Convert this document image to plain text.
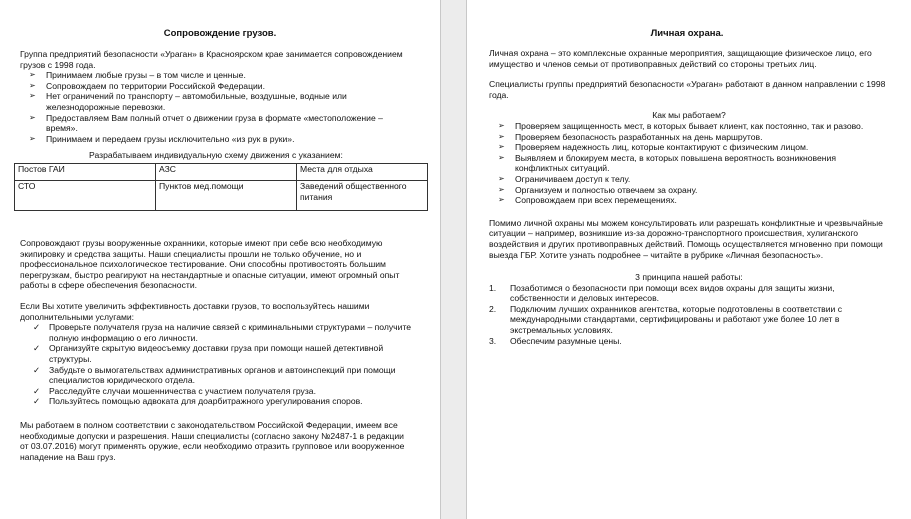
Сопровождение грузов.

Группа предприятий безопасности «Ураган» в Красноярском крае занимается сопровождением грузов с 1998 года.

➢ Принимаем любые грузы – в том числе и ценные.
➢ Сопровождаем по территории Российской Федерации.
➢ Нет ограничений по транспорту – автомобильные, воздушные, водные или железнодорожные перевозки.
➢ Предоставляем Вам полный отчет о движении груза в формате «местоположение – время».
➢ Принимаем и передаем грузы исключительно «из рук в руки».

Разрабатываем индивидуальную схему движения с указанием:

Постов ГАИ	АЗС	Места для отдыха
СТО	Пунктов мед.помощи	Заведений общественного питания

Сопровождают грузы вооруженные охранники, которые имеют при себе всю необходимую экипировку и средства защиты. Наши специалисты прошли не только обучение, но и профессиональное психологическое тестирование. Они способны противостоять большим перегрузкам, быстро реагируют на нестандартные и опасные ситуации, имеют огромный опыт работы в сфере обеспечения безопасности.

Если Вы хотите увеличить эффективность доставки грузов, то воспользуйтесь нашими дополнительными услугами:

✓ Проверьте получателя груза на наличие связей с криминальными структурами – получите полную информацию о его личности.
✓ Организуйте скрытую видеосъемку доставки груза при помощи нашей детективной структуры.
✓ Забудьте о вымогательствах административных органов и автоинспекций при помощи специалистов юридического отдела.
✓ Расследуйте случаи мошенничества с участием получателя груза.
✓ Пользуйтесь помощью адвоката для доарбитражного урегулирования споров.

Мы работаем в полном соответствии с законодательством Российской Федерации, имеем все необходимые допуски и разрешения. Наши специалисты (согласно закону №2487-1 в редакции от 03.07.2016) могут применять оружие, если необходимо отразить групповое или вооруженное нападение на Ваш груз.

Личная охрана.

Личная охрана – это комплексные охранные мероприятия, защищающие физическое лицо, его имущество и членов семьи от противоправных действий со стороны третьих лиц.

Специалисты группы предприятий безопасности «Ураган» работают в данном направлении с 1998 года.

Как мы работаем?

➢ Проверяем защищенность мест, в которых бывает клиент, как постоянно, так и разово.
➢ Проверяем безопасность разработанных на день маршрутов.
➢ Проверяем надежность лиц, которые контактируют с физическим лицом.
➢ Выявляем и блокируем места, в которых повышена вероятность возникновения конфликтных ситуаций.
➢ Ограничиваем доступ к телу.
➢ Организуем и полностью отвечаем за охрану.
➢ Сопровождаем при всех перемещениях.

Помимо личной охраны мы можем консультировать или разрешать конфликтные и чрезвычайные ситуации – например, возникшие из-за дорожно-транспортного происшествия, хулиганского воздействия и других противоправных действий. Помощь осуществляется мгновенно при помощи выезда ГБР. Хотите узнать подробнее – читайте в рубрике «Личная безопасность».

3 принципа нашей работы:

1. Позаботимся о безопасности при помощи всех видов охраны для защиты жизни, собственности и деловых интересов.
2. Подключим лучших охранников агентства, которые подготовлены в соответствии с международными стандартами, сертифицированы и работают уже более 10 лет в экстремальных условиях.
3. Обеспечим разумные цены.
